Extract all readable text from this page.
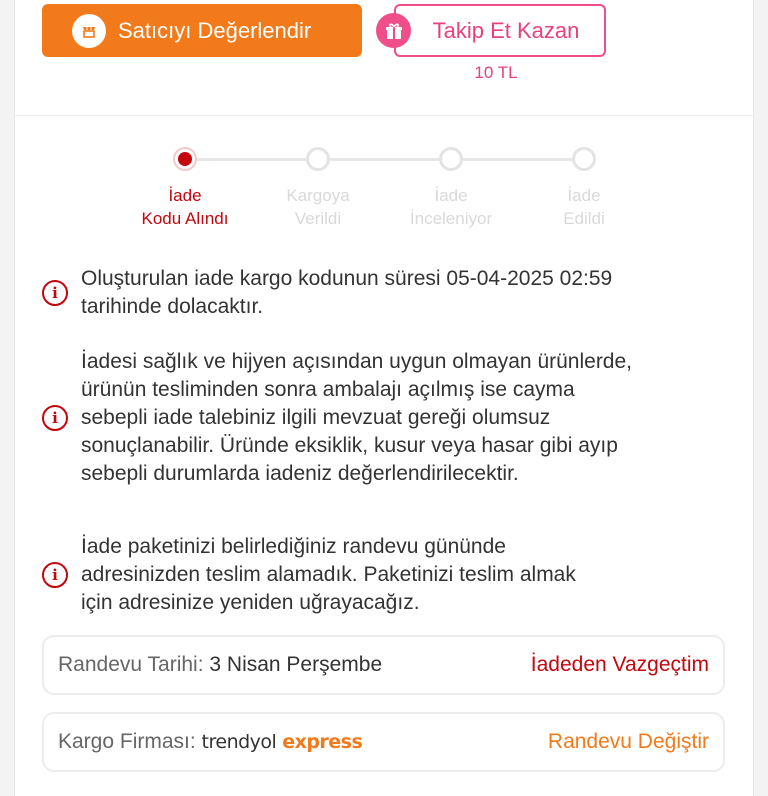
Satıcıyı Değerlendir	Takip Et Kazan
10 TL
İade
Kodu Alındı
Kargoya
Verildi
İade
İnceleniyor
İade
Edildi
i
Oluşturulan iade kargo kodunun süresi 05-04-2025 02:59
tarihinde dolacaktır.
i
İadesi sağlık ve hijyen açısından uygun olmayan ürünlerde,
ürünün tesliminden sonra ambalajı açılmış ise cayma
sebepli iade talebiniz ilgili mevzuat gereği olumsuz
sonuçlanabilir. Üründe eksiklik, kusur veya hasar gibi ayıp
sebepli durumlarda iadeniz değerlendirilecektir.
i
İade paketinizi belirlediğiniz randevu gününde
adresinizden teslim alamadık. Paketinizi teslim almak
için adresinize yeniden uğrayacağız.
Randevu Tarihi: 3 Nisan Perşembe	İadeden Vazgeçtim
Kargo Firması: trendyol express	Randevu Değiştir
